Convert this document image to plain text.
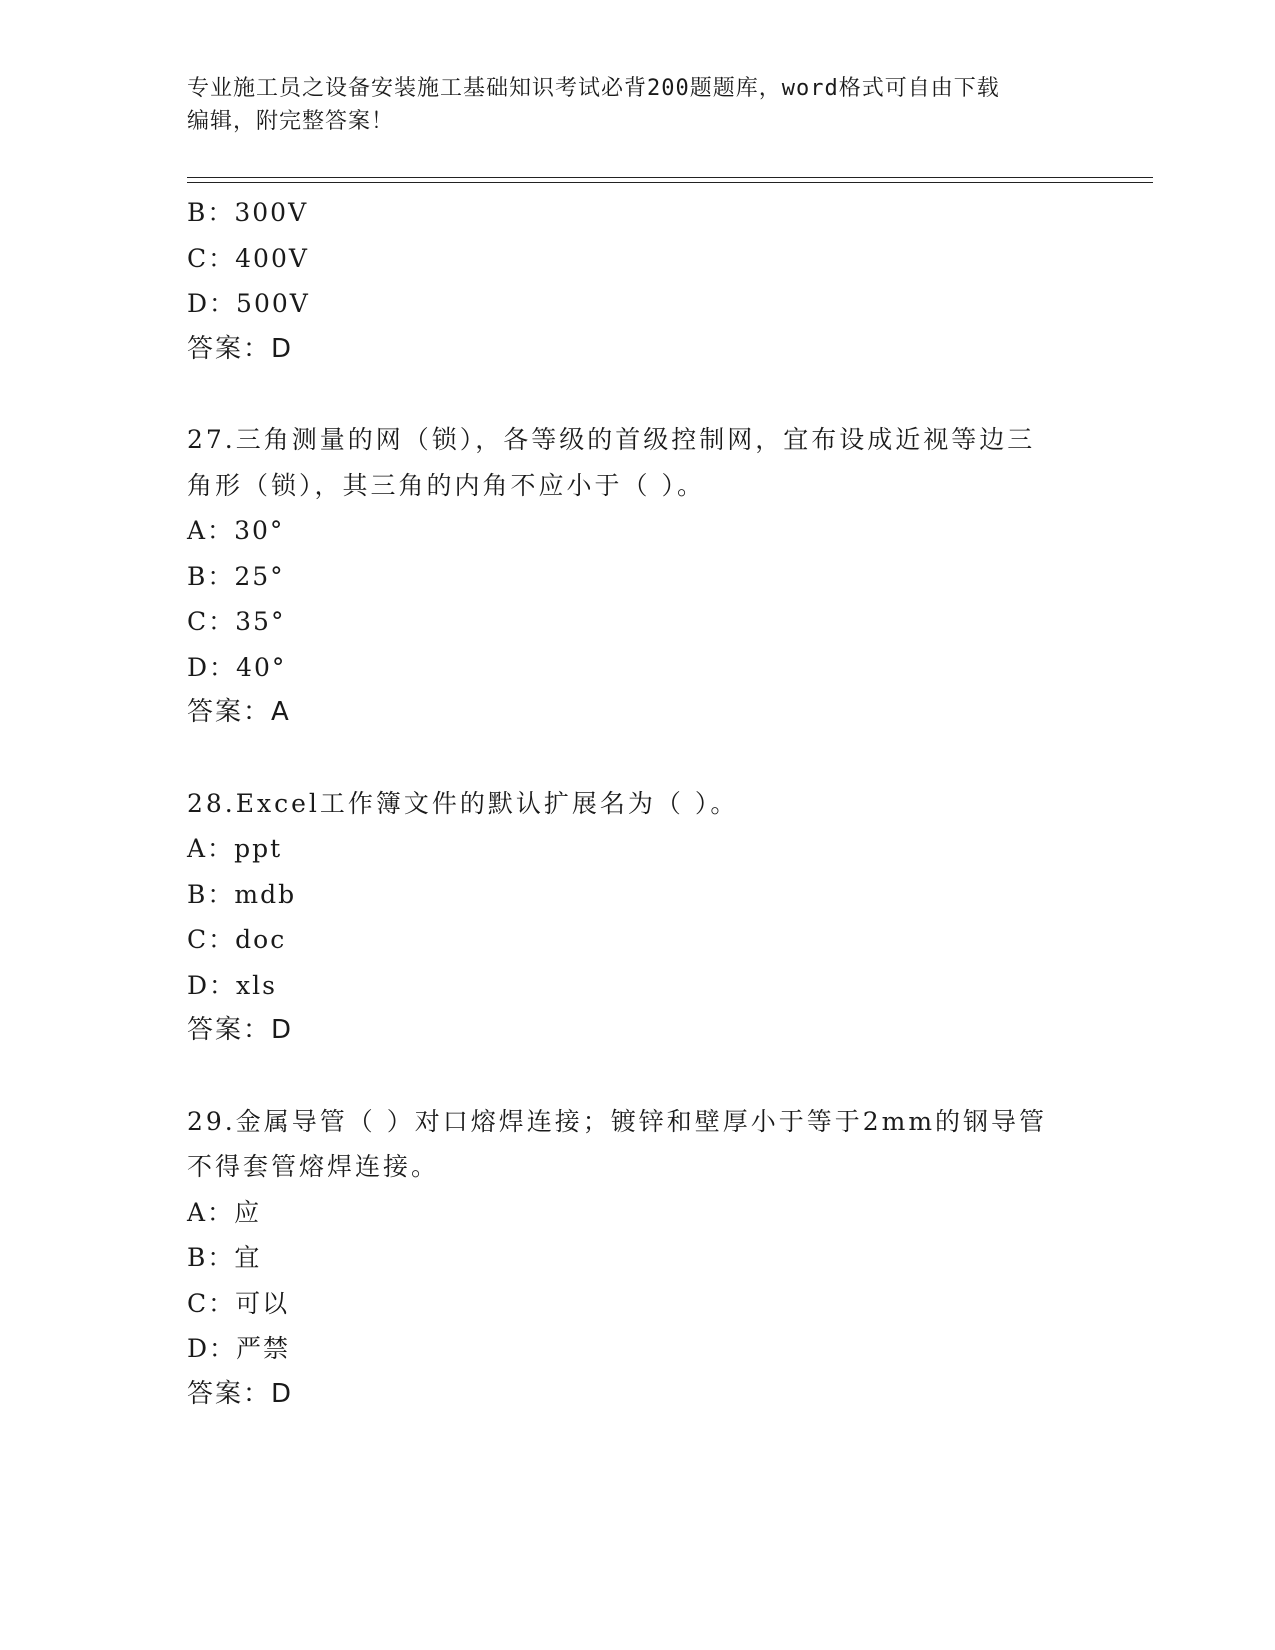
专业施工员之设备安装施工基础知识考试必背200题题库，word格式可自由下载
编辑，附完整答案！
B：300V
C：400V
D：500V
答案：D
27.三角测量的网（锁），各等级的首级控制网，宜布设成近视等边三
角形（锁），其三角的内角不应小于（ ）。
A：30°
B：25°
C：35°
D：40°
答案：A
28.Excel工作簿文件的默认扩展名为（ ）。
A：ppt
B：mdb
C：doc
D：xls
答案：D
29.金属导管（ ）对口熔焊连接；镀锌和壁厚小于等于2mm的钢导管
不得套管熔焊连接。
A：应
B：宜
C：可以
D：严禁
答案：D
